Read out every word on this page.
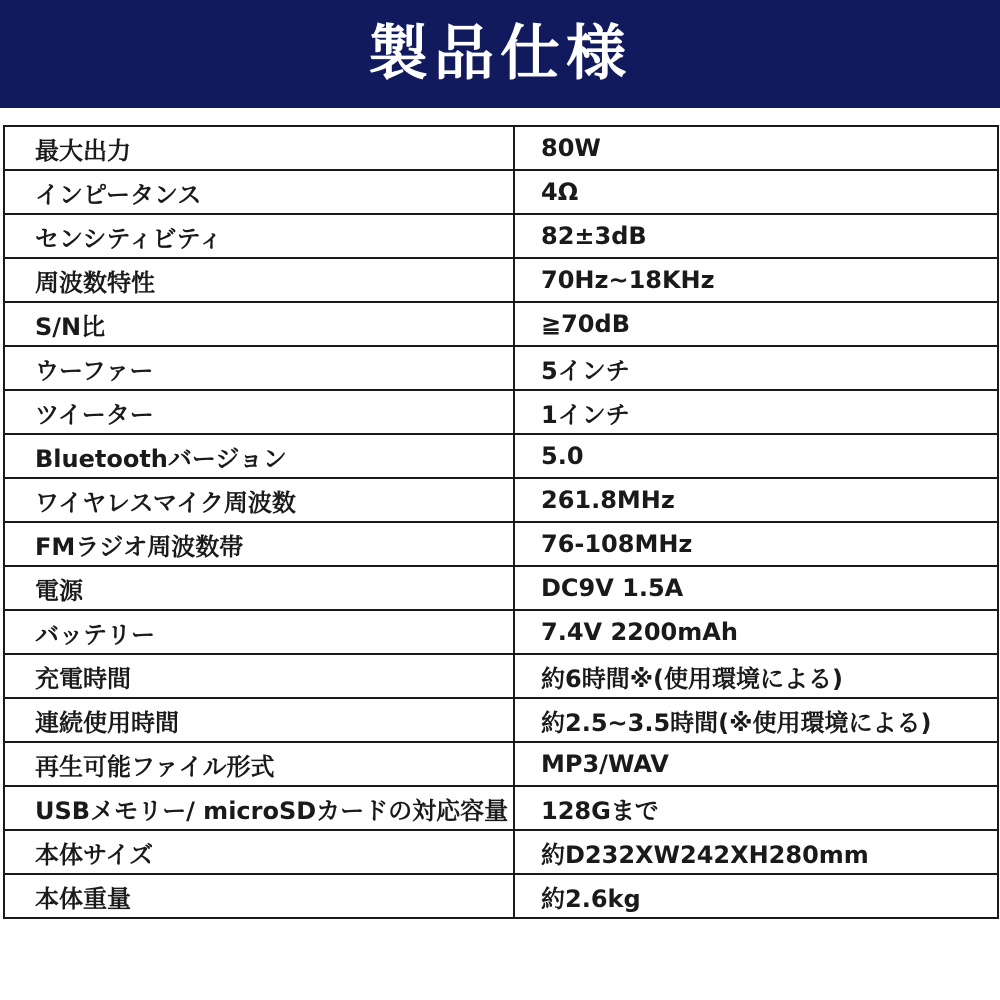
製品仕様
最大出力	80W
インピータンス	4Ω
センシティビティ	82±3dB
周波数特性	70Hz~18KHz
S/N比	≧70dB
ウーファー	5インチ
ツイーター	1インチ
Bluetoothバージョン	5.0
ワイヤレスマイク周波数	261.8MHz
FMラジオ周波数帯	76-108MHz
電源	DC9V 1.5A
バッテリー	7.4V 2200mAh
充電時間	約6時間※(使用環境による)
連続使用時間	約2.5~3.5時間(※使用環境による)
再生可能ファイル形式	MP3/WAV
USBメモリー/ microSDカードの対応容量	128Gまで
本体サイズ	約D232XW242XH280mm
本体重量	約2.6kg
